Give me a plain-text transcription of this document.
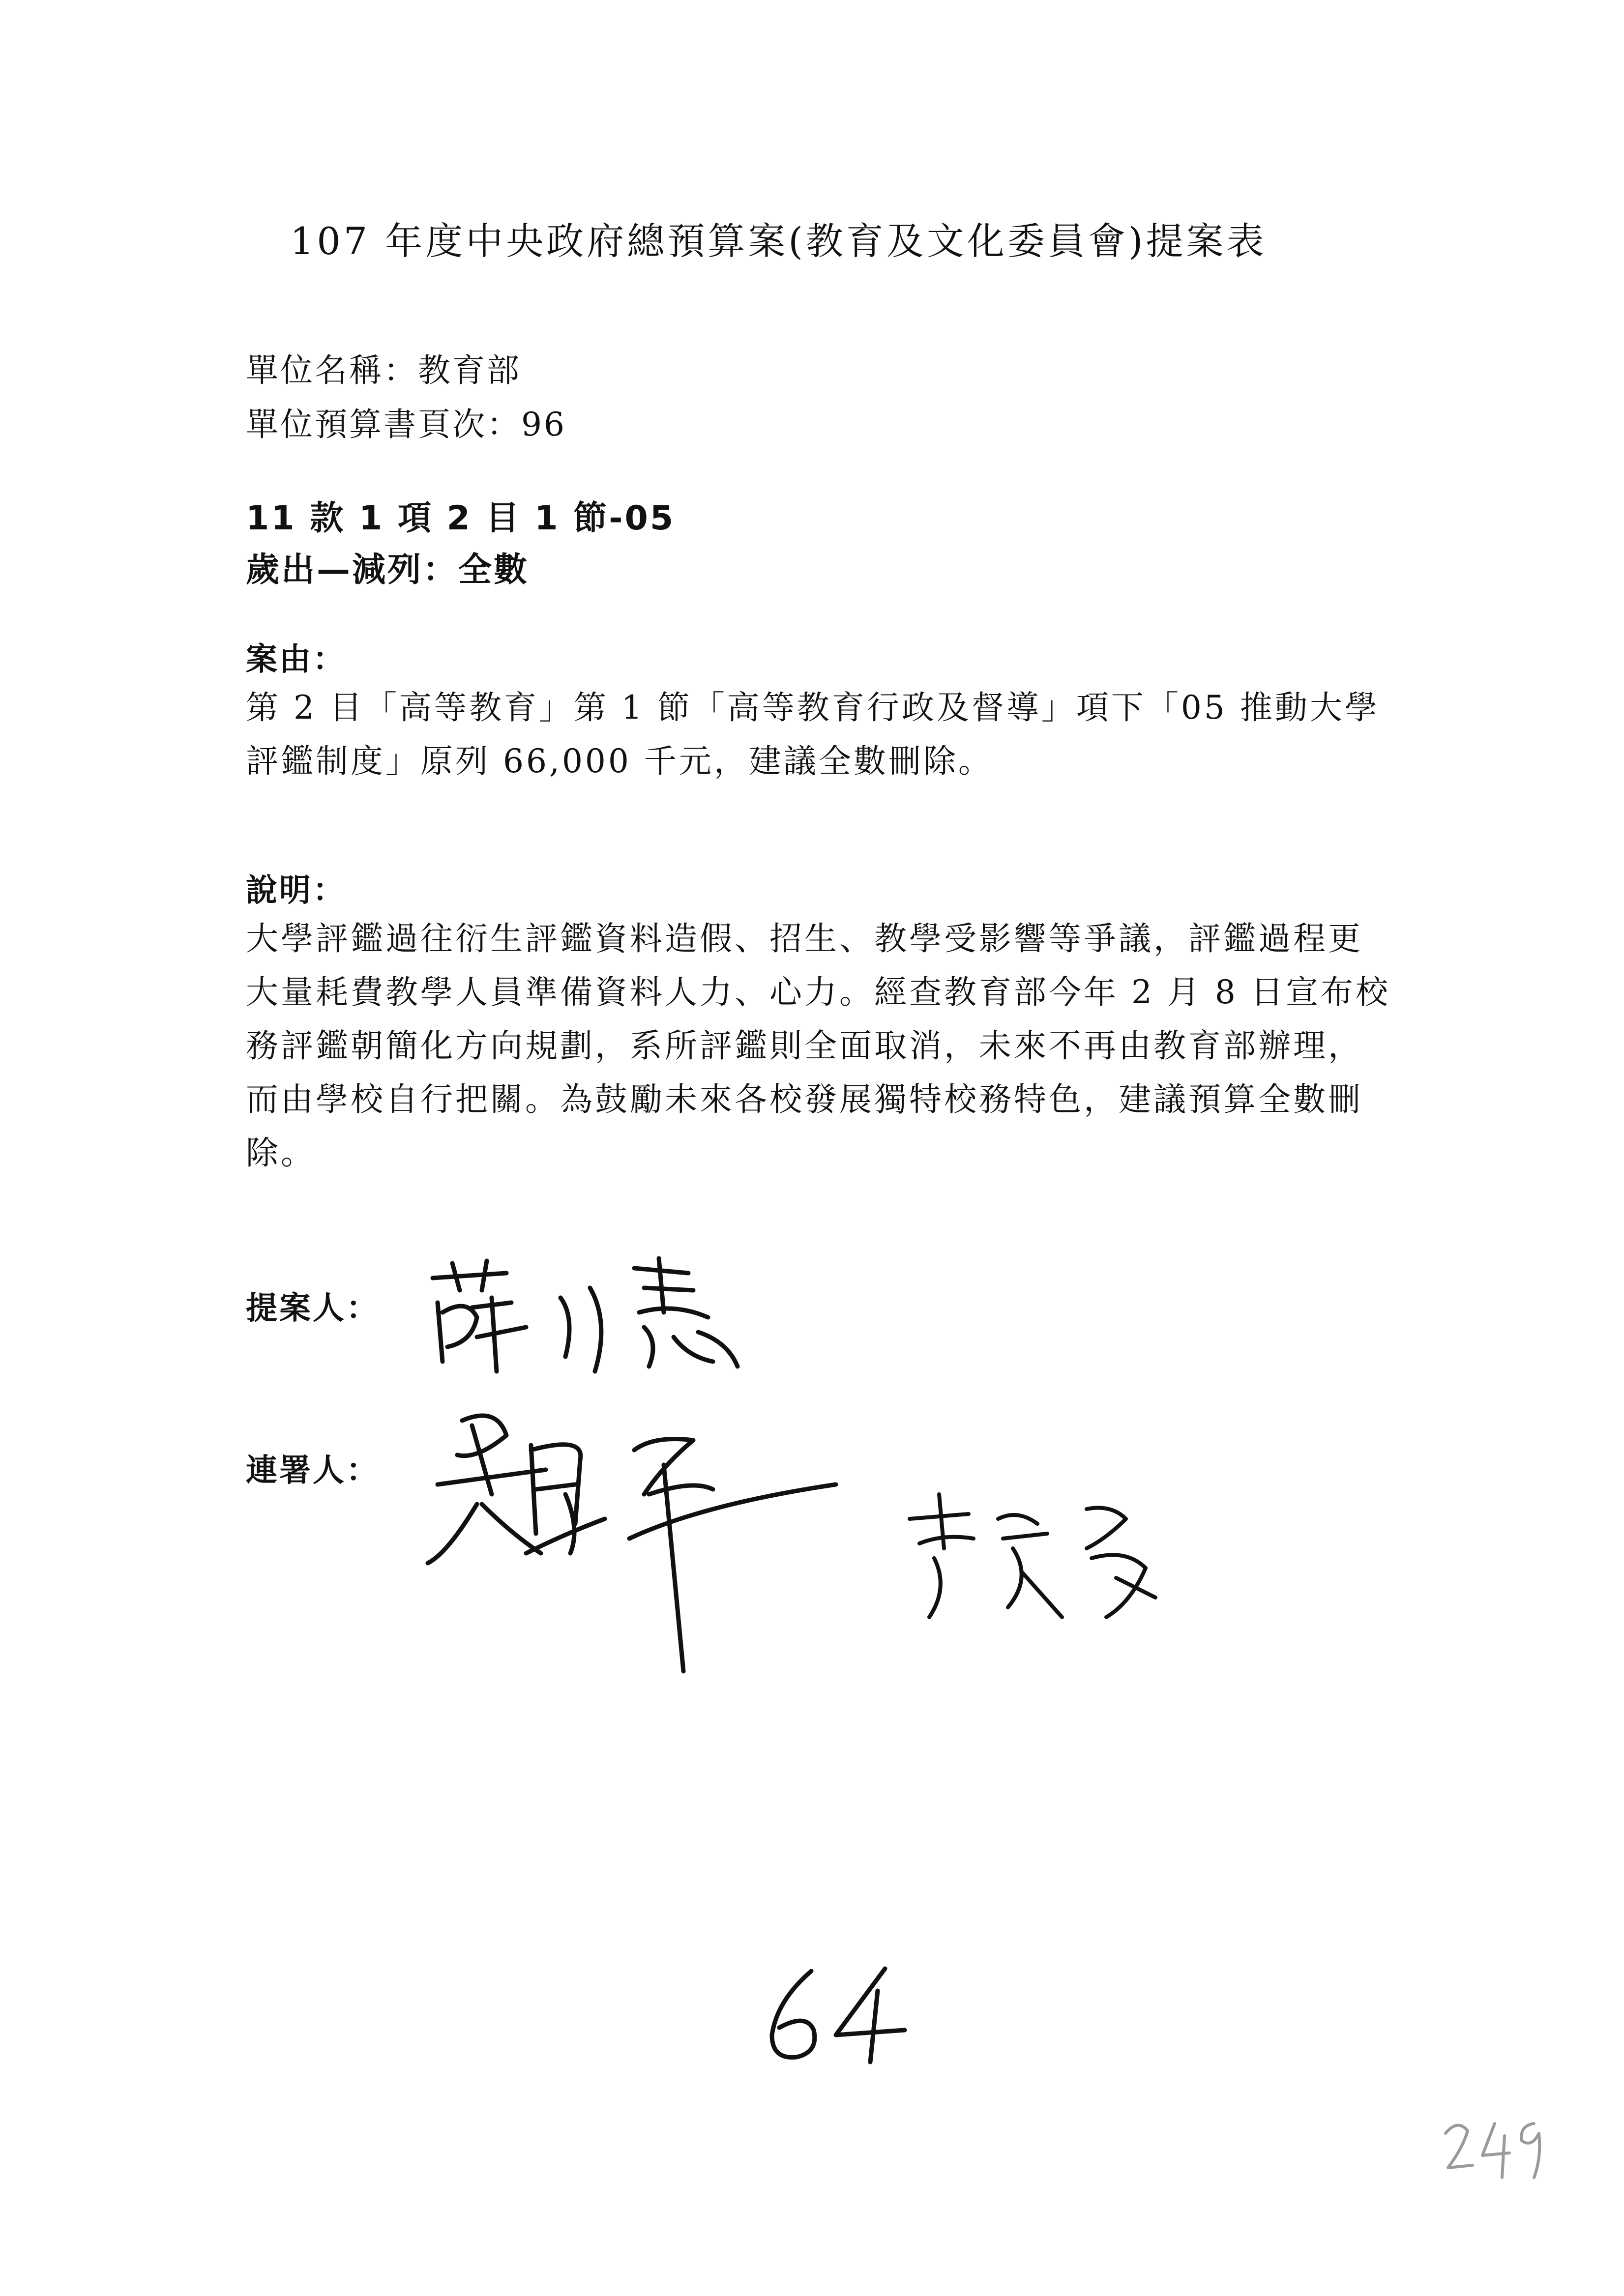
107 年度中央政府總預算案(教育及文化委員會)提案表
單位名稱：教育部
單位預算書頁次：96
11 款 1 項 2 目 1 節-05
歲出—減列：全數
案由：
第 2 目「高等教育」第 1 節「高等教育行政及督導」項下「05 推動大學
評鑑制度」原列 66,000 千元，建議全數刪除。
說明：
大學評鑑過往衍生評鑑資料造假、招生、教學受影響等爭議，評鑑過程更
大量耗費教學人員準備資料人力、心力。經查教育部今年 2 月 8 日宣布校
務評鑑朝簡化方向規劃，系所評鑑則全面取消，未來不再由教育部辦理，
而由學校自行把關。為鼓勵未來各校發展獨特校務特色，建議預算全數刪
除。
提案人：
連署人：
